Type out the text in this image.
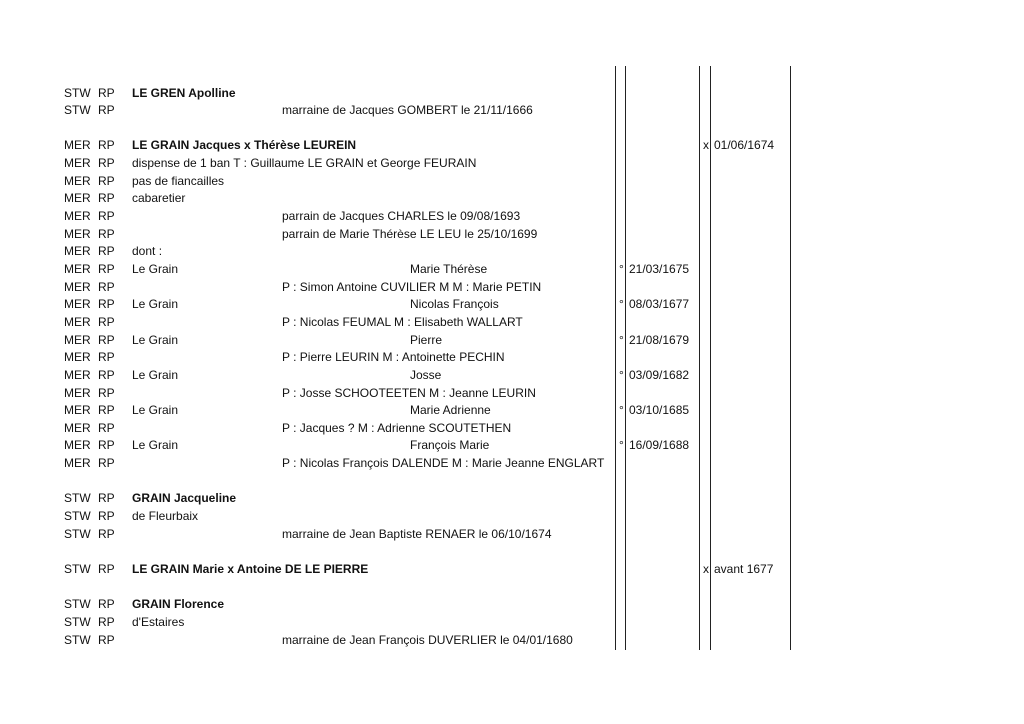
STW RP LE GREN Apolline
STW RP	marraine de Jacques GOMBERT le 21/11/1666
MER RP LE GRAIN Jacques x Thérèse LEUREIN	x 01/06/1674
MER RP dispense de 1 ban T : Guillaume LE GRAIN et George FEURAIN
MER RP pas de fiancailles
MER RP cabaretier
MER RP	parrain de Jacques CHARLES le 09/08/1693
MER RP	parrain de Marie Thérèse LE LEU le 25/10/1699
MER RP dont :
MER RP Le Grain	Marie Thérèse	° 21/03/1675
MER RP	P : Simon Antoine CUVILIER M M : Marie PETIN
MER RP Le Grain	Nicolas François	° 08/03/1677
MER RP	P : Nicolas FEUMAL M : Elisabeth WALLART
MER RP Le Grain	Pierre	° 21/08/1679
MER RP	P : Pierre LEURIN M : Antoinette PECHIN
MER RP Le Grain	Josse	° 03/09/1682
MER RP	P : Josse SCHOOTEETEN M : Jeanne LEURIN
MER RP Le Grain	Marie Adrienne	° 03/10/1685
MER RP	P : Jacques ? M : Adrienne SCOUTETHEN
MER RP Le Grain	François Marie	° 16/09/1688
MER RP	P : Nicolas François DALENDE M : Marie Jeanne ENGLART
STW RP GRAIN Jacqueline
STW RP de Fleurbaix
STW RP	marraine de Jean Baptiste RENAER le 06/10/1674
STW RP LE GRAIN Marie x Antoine DE LE PIERRE	x avant 1677
STW RP GRAIN Florence
STW RP d'Estaires
STW RP	marraine de Jean François DUVERLIER le 04/01/1680
